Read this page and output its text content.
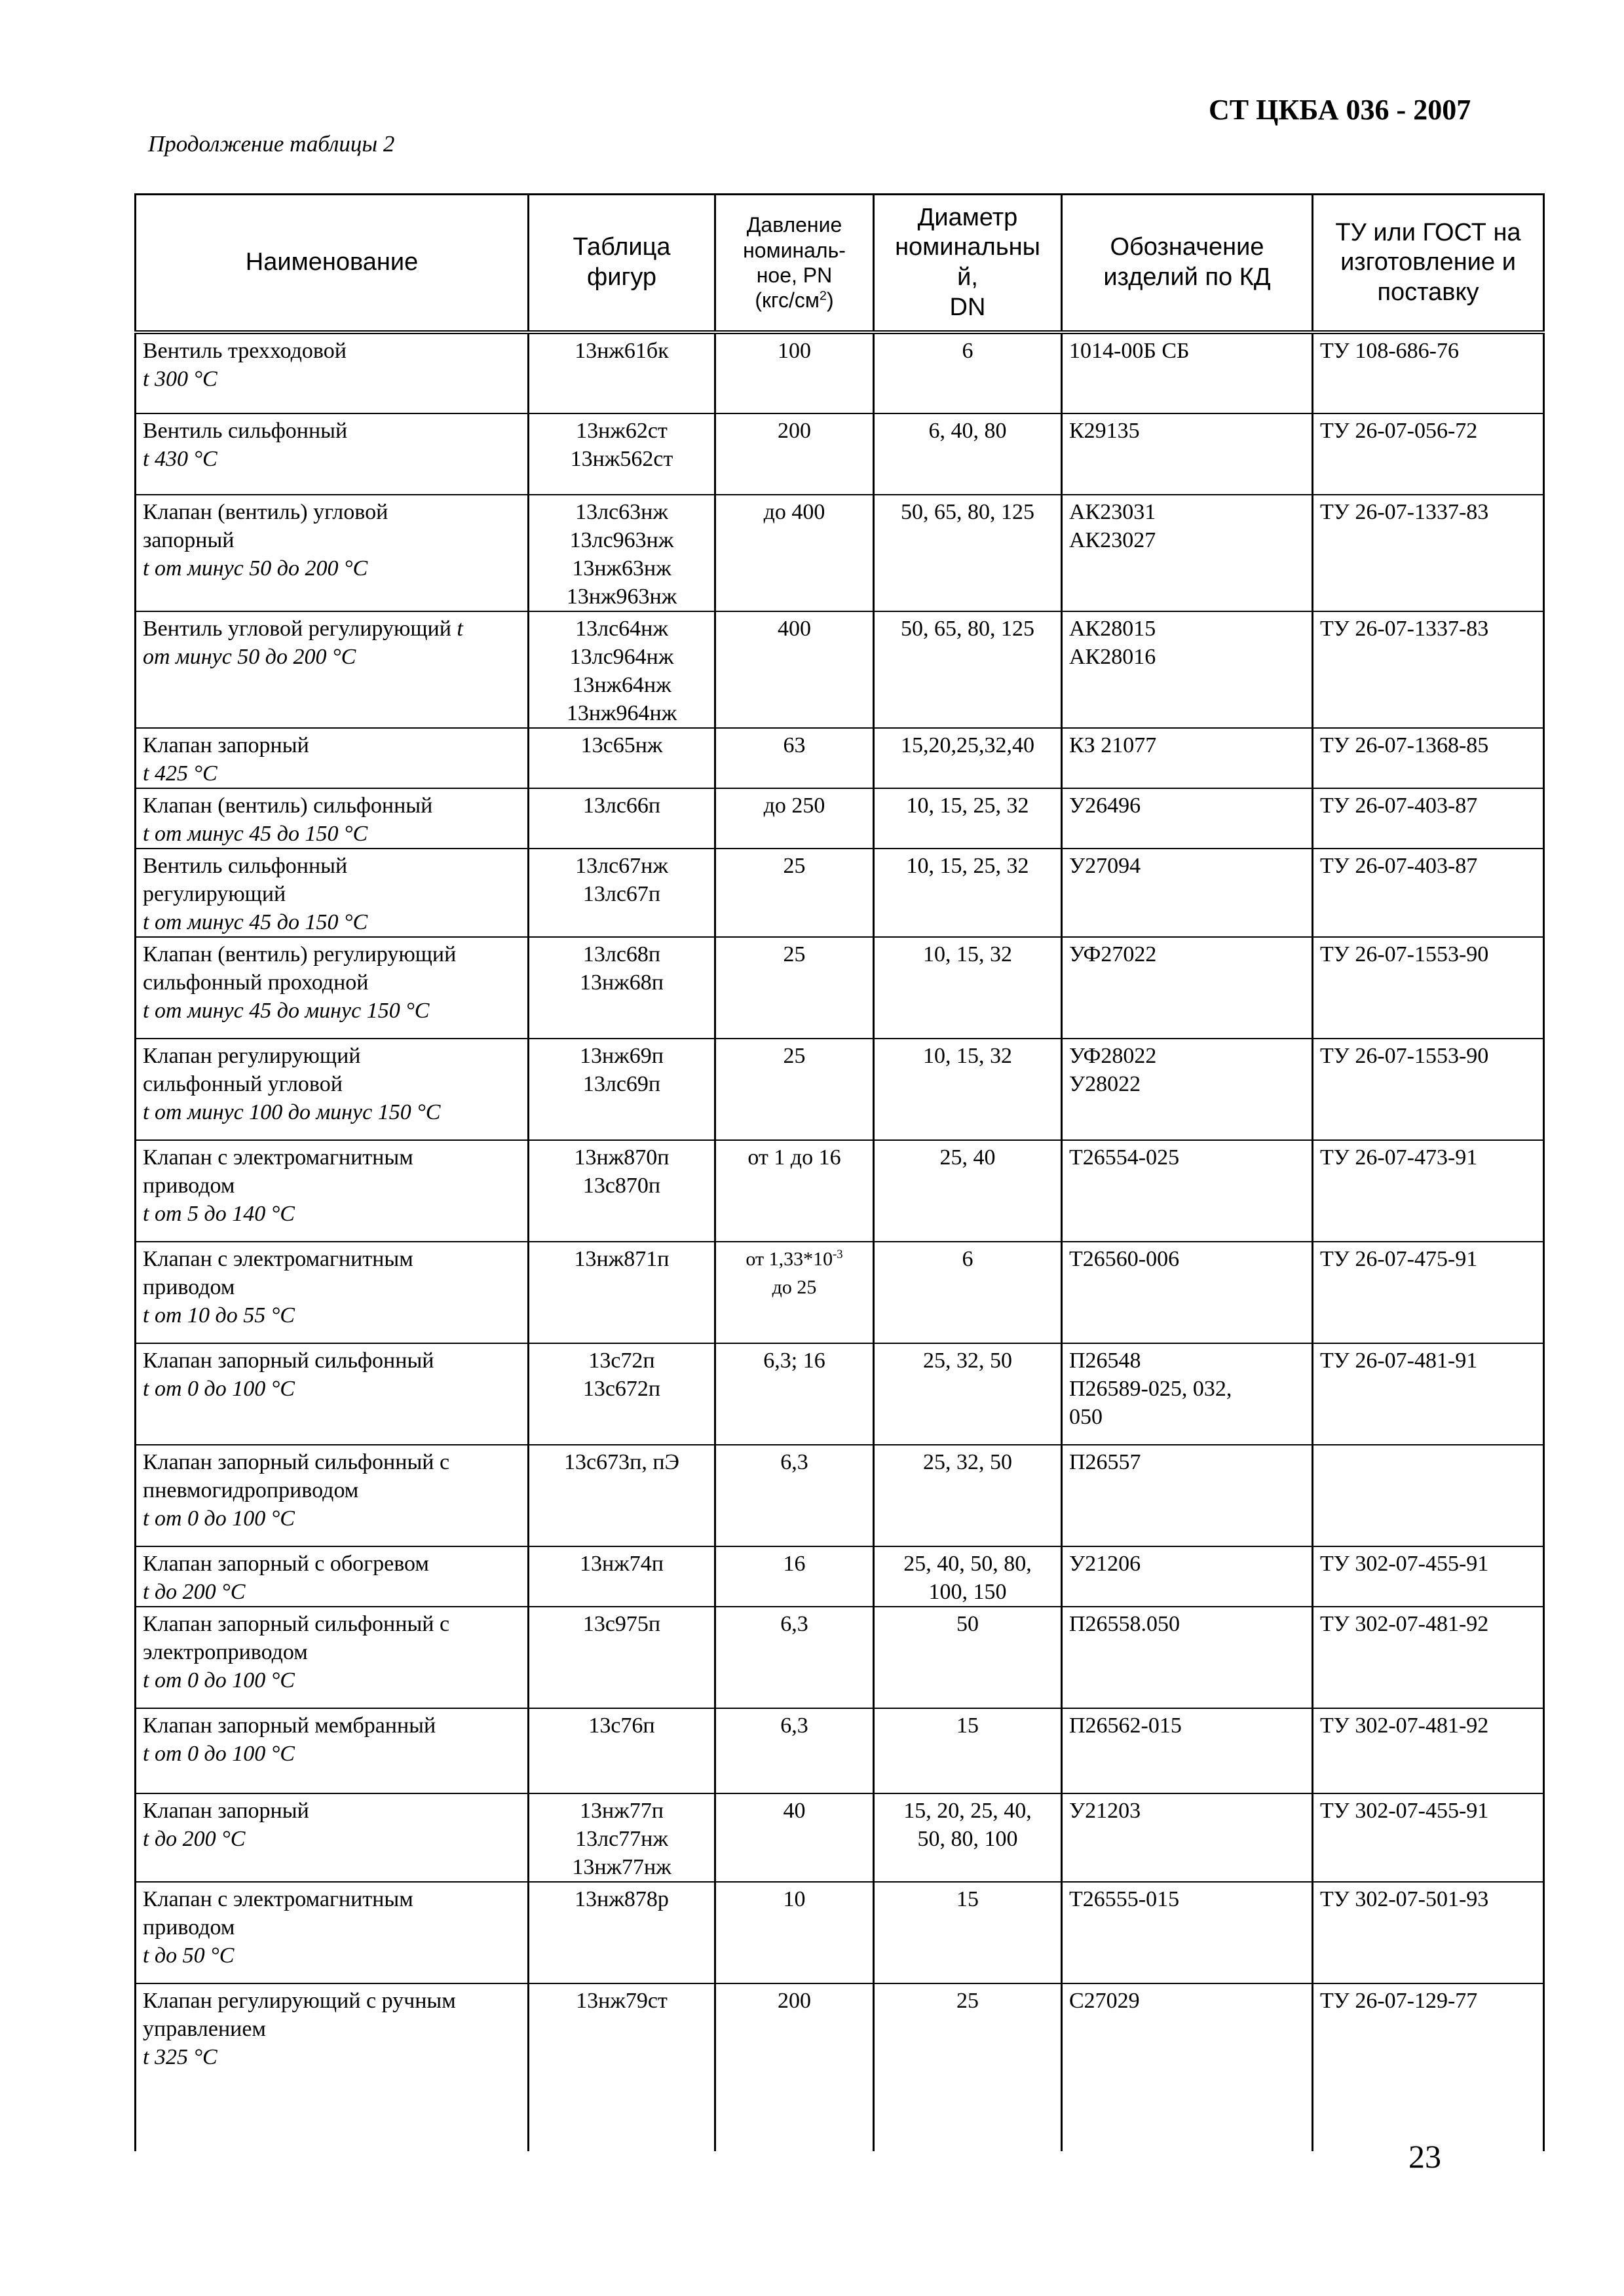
СТ ЦКБА 036 - 2007
Продолжение таблицы 2
Наименование	Таблица
фигур	Давление
номиналь-
ное, PN
$(кгс/см^2)$	Диаметр
номинальны
й,
DN	Обозначение
изделий по КД	ТУ или ГОСТ на
изготовление и
поставку

Вентиль трехходовой
t 300 °C	13нж61бк	100	6	1014-00Б СБ	ТУ 108-686-76

Вентиль сильфонный
t 430 °C	13нж62ст
13нж562ст	200	6, 40, 80	К29135	ТУ 26-07-056-72

Клапан (вентиль) угловой
запорный
t от минус 50 до 200 °C	13лс63нж
13лс963нж
13нж63нж
13нж963нж	до 400	50, 65, 80, 125	АК23031
АК23027	ТУ 26-07-1337-83

Вентиль угловой регулирующий t
от минус 50 до 200 °C	13лс64нж
13лс964нж
13нж64нж
13нж964нж	400	50, 65, 80, 125	АК28015
АК28016	ТУ 26-07-1337-83

Клапан запорный
t 425 °C	13с65нж	63	15,20,25,32,40	КЗ 21077	ТУ 26-07-1368-85

Клапан (вентиль) сильфонный
t от минус 45 до 150 °C	13лс66п	до 250	10, 15, 25, 32	У26496	ТУ 26-07-403-87

Вентиль сильфонный
регулирующий
t от минус 45 до 150 °C	13лс67нж
13лс67п	25	10, 15, 25, 32	У27094	ТУ 26-07-403-87

Клапан (вентиль) регулирующий
сильфонный проходной
t от минус 45 до минус 150 °C	13лс68п
13нж68п	25	10, 15, 32	УФ27022	ТУ 26-07-1553-90

Клапан регулирующий
сильфонный угловой
t от минус 100 до минус 150 °C	13нж69п
13лс69п	25	10, 15, 32	УФ28022
У28022	ТУ 26-07-1553-90

Клапан с электромагнитным
приводом
t от 5 до 140 °C	13нж870п
13с870п	от 1 до 16	25, 40	Т26554-025	ТУ 26-07-473-91

Клапан с электромагнитным
приводом
t от 10 до 55 °C	13нж871п	от $1,33*10^{-3}$
до 25	6	Т26560-006	ТУ 26-07-475-91

Клапан запорный сильфонный
t от 0 до 100 °C	13с72п
13с672п	6,3; 16	25, 32, 50	П26548
П26589-025, 032,
050	ТУ 26-07-481-91

Клапан запорный сильфонный с
пневмогидроприводом
t от 0 до 100 °C	13с673п, пЭ	6,3	25, 32, 50	П26557	

Клапан запорный с обогревом
t до 200 °C	13нж74п	16	25, 40, 50, 80,
100, 150	У21206	ТУ 302-07-455-91

Клапан запорный сильфонный с
электроприводом
t от 0 до 100 °C	13с975п	6,3	50	П26558.050	ТУ 302-07-481-92

Клапан запорный мембранный
t от 0 до 100 °C	13с76п	6,3	15	П26562-015	ТУ 302-07-481-92

Клапан запорный
t до 200 °C	13нж77п
13лс77нж
13нж77нж	40	15, 20, 25, 40,
50, 80, 100	У21203	ТУ 302-07-455-91

Клапан с электромагнитным
приводом
t до 50 °C	13нж878р	10	15	Т26555-015	ТУ 302-07-501-93

Клапан регулирующий с ручным
управлением
t 325 °C	13нж79ст	200	25	С27029	ТУ 26-07-129-77
23
